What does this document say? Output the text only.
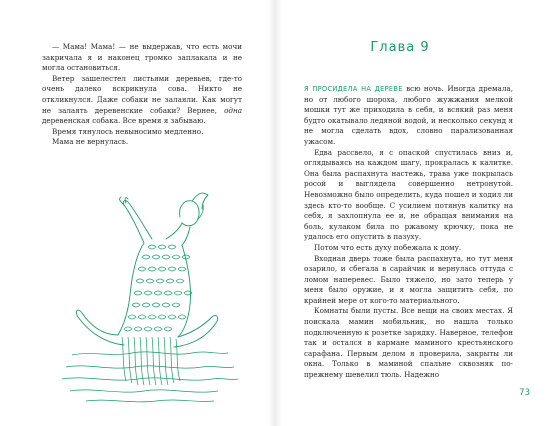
— Мама! Мама! — не выдержав, что есть мочи закричала я и наконец громко заплакала и не могла остановиться.

Ветер зашелестел листьями деревьев, где-то очень далеко вскрикнула сова. Никто не откликнулся. Даже собаки не залаяли. Как могут не залаять деревенские собаки? Вернее, одна деревенская собака. Все время я забываю.

Время тянулось невыносимо медленно.

Мама не вернулась.

Глава 9

Я ПРОСИДЕЛА НА ДЕРЕВЕ всю ночь. Иногда дремала, но от любого шороха, любого жужжания мелкой мошки тут же приходила в себя, и всякий раз меня будто окатывало ледяной водой, и несколько секунд я не могла сделать вдох, словно парализованная ужасом.

Едва рассвело, я с опаской спустилась вниз и, оглядываясь на каждом шагу, прокралась к калитке. Она была распахнута настежь, трава уже покрылась росой и выглядела совершенно нетронутой. Невозможно было определить, куда пошел и ходил ли здесь кто-то вообще. С усилием потянув калитку на себя, я захлопнула ее и, не обращая внимания на боль, кулаком била по ржавому крючку, пока не удалось его опустить в пазуху.

Потом что есть духу побежала к дому.

Входная дверь тоже была распахнута, но тут меня озарило, и сбегала в сарайчик и вернулась оттуда с ломом наперевес. Было тяжело, но зато теперь у меня было оружие, и я могла защитить себя, по крайней мере от кого-то материального.

Комнаты были пусты. Все вещи на своих местах. Я поискала мамин мобильник, но нашла только подключенную к розетке зарядку. Наверное, телефон так и остался в кармане маминого крестьянского сарафана. Первым делом я проверила, закрыты ли окна. Только в маминой спальне сквозняк по-прежнему шевелил тюль. Надежно

73
